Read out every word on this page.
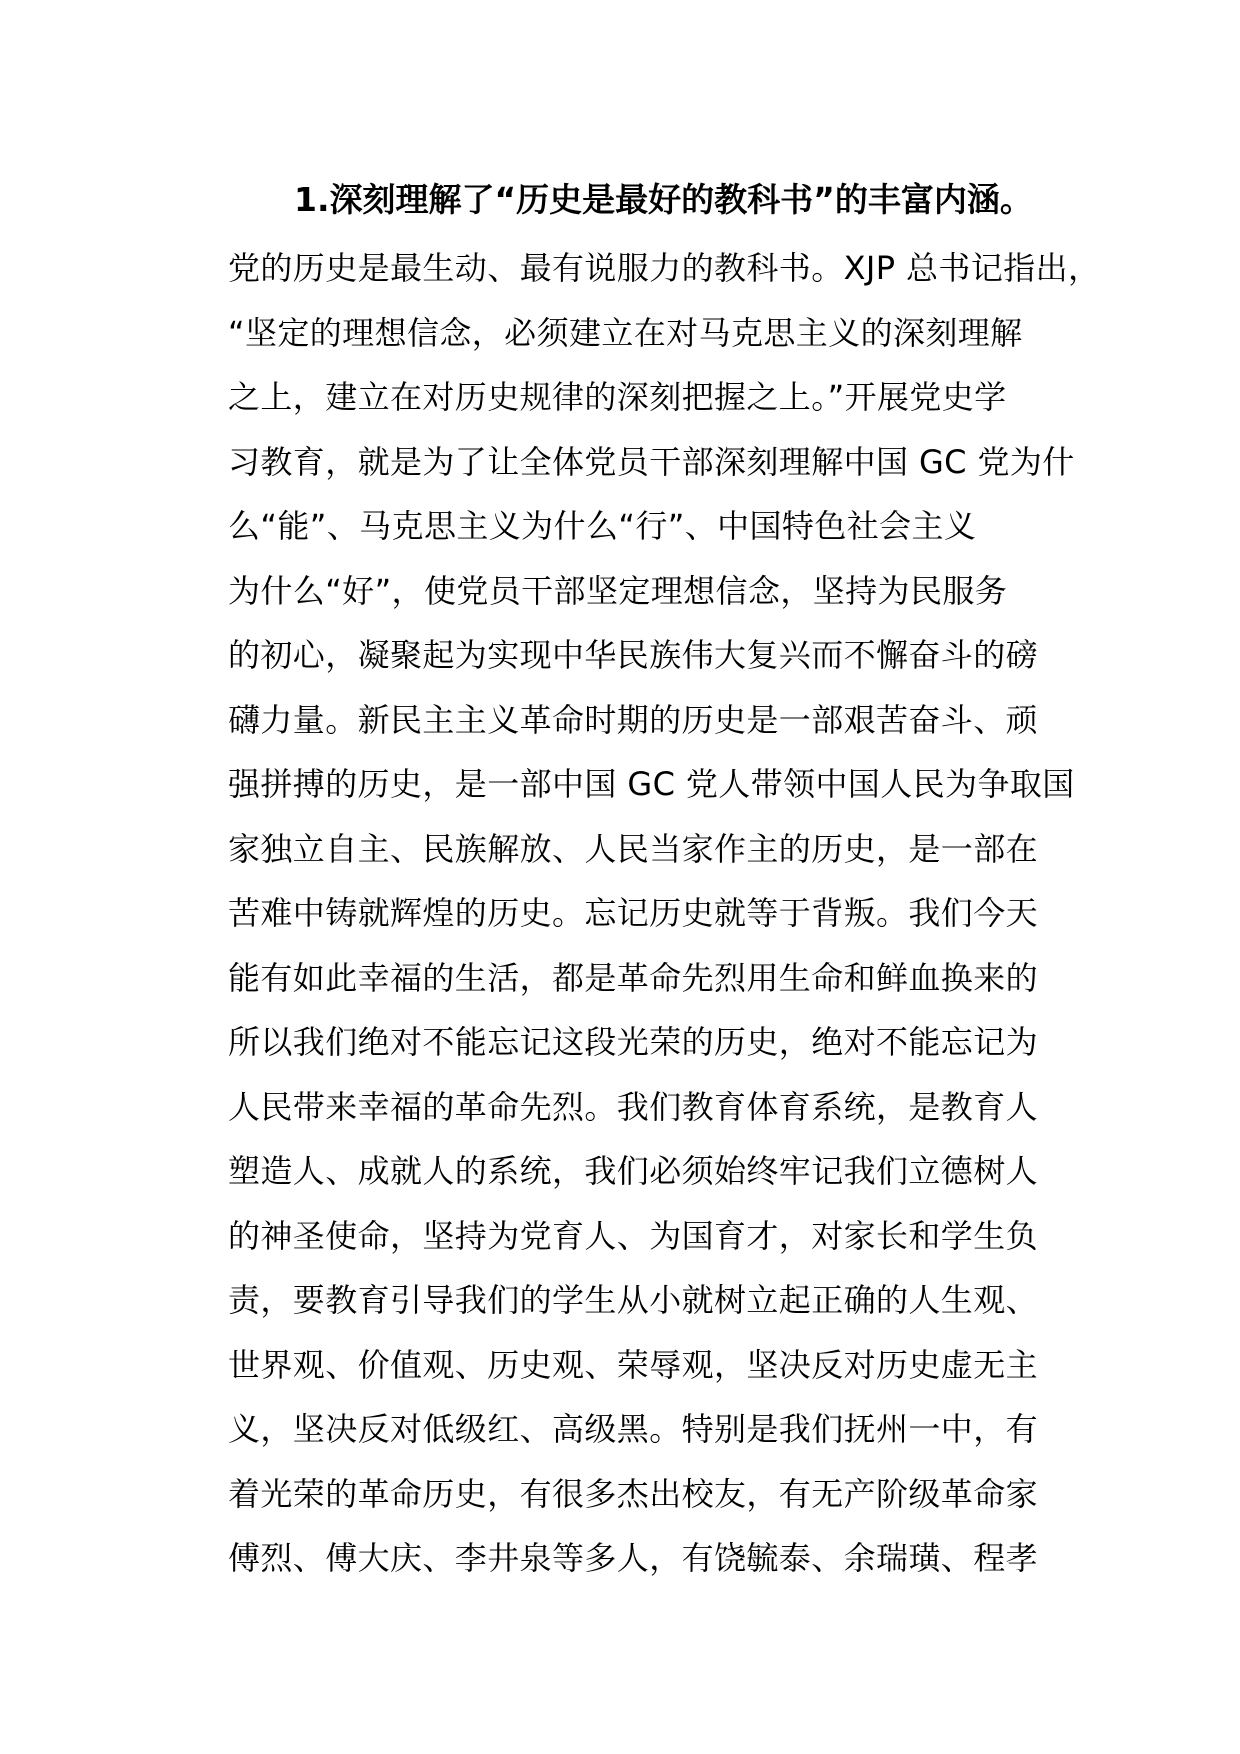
1.深刻理解了“历史是最好的教科书”的丰富内涵。
党的历史是最生动、最有说服力的教科书。XJP 总书记指出，
“坚定的理想信念，必须建立在对马克思主义的深刻理解
之上，建立在对历史规律的深刻把握之上。”开展党史学
习教育，就是为了让全体党员干部深刻理解中国 GC 党为什
么“能”、马克思主义为什么“行”、中国特色社会主义
为什么“好”，使党员干部坚定理想信念，坚持为民服务
的初心，凝聚起为实现中华民族伟大复兴而不懈奋斗的磅
礴力量。新民主主义革命时期的历史是一部艰苦奋斗、顽
强拼搏的历史，是一部中国 GC 党人带领中国人民为争取国
家独立自主、民族解放、人民当家作主的历史，是一部在
苦难中铸就辉煌的历史。忘记历史就等于背叛。我们今天
能有如此幸福的生活，都是革命先烈用生命和鲜血换来的
所以我们绝对不能忘记这段光荣的历史，绝对不能忘记为
人民带来幸福的革命先烈。我们教育体育系统，是教育人
塑造人、成就人的系统，我们必须始终牢记我们立德树人
的神圣使命，坚持为党育人、为国育才，对家长和学生负
责，要教育引导我们的学生从小就树立起正确的人生观、
世界观、价值观、历史观、荣辱观，坚决反对历史虚无主
义，坚决反对低级红、高级黑。特别是我们抚州一中，有
着光荣的革命历史，有很多杰出校友，有无产阶级革命家
傅烈、傅大庆、李井泉等多人，有饶毓泰、余瑞璜、程孝
